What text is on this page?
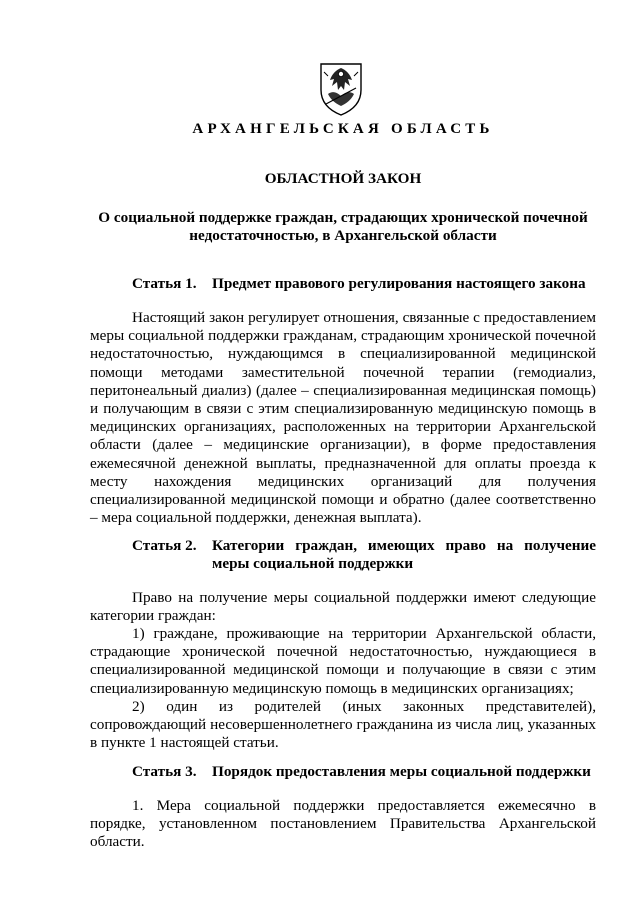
АРХАНГЕЛЬСКАЯ ОБЛАСТЬ
ОБЛАСТНОЙ ЗАКОН
О социальной поддержке граждан, страдающих хронической почечной недостаточностью, в Архангельской области
Статья 1.	Предмет правового регулирования настоящего закона

Настоящий закон регулирует отношения, связанные с предоставлением меры социальной поддержки гражданам, страдающим хронической почечной недостаточностью, нуждающимся в специализированной медицинской помощи методами заместительной почечной терапии (гемодиализ, перитонеальный диализ) (далее – специализированная медицинская помощь) и получающим в связи с этим специализированную медицинскую помощь в медицинских организациях, расположенных на территории Архангельской области (далее – медицинские организации), в форме предоставления ежемесячной денежной выплаты, предназначенной для оплаты проезда к месту нахождения медицинских организаций для получения специализированной медицинской помощи и обратно (далее соответственно – мера социальной поддержки, денежная выплата).

Статья 2.	Категории граждан, имеющих право на получение меры социальной поддержки

Право на получение меры социальной поддержки имеют следующие категории граждан:

1) граждане, проживающие на территории Архангельской области, страдающие хронической почечной недостаточностью, нуждающиеся в специализированной медицинской помощи и получающие в связи с этим специализированную медицинскую помощь в медицинских организациях;

2) один из родителей (иных законных представителей), сопровождающий несовершеннолетнего гражданина из числа лиц, указанных в пункте 1 настоящей статьи.

Статья 3.	Порядок предоставления меры социальной поддержки

1. Мера социальной поддержки предоставляется ежемесячно в порядке, установленном постановлением Правительства Архангельской области.
